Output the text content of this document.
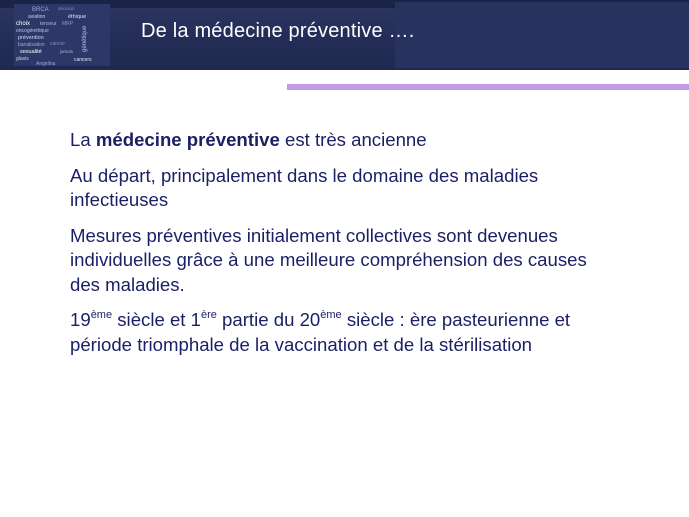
BRCA décision
aviation	éthique
choix tenseur MRP
oncogénétique
prévention
banalisation cancer
sexualité	jamais
glaxis
Angelina
cancers
génétique	De la médecine préventive ….

La médecine préventive est très ancienne

Au départ, principalement dans le domaine des maladies
infectieuses

Mesures préventives initialement collectives sont devenues
individuelles grâce à une meilleure compréhension des causes
des maladies.

19ème siècle et 1ère partie du 20ème siècle : ère pasteurienne et
période triomphale de la vaccination et de la stérilisation
